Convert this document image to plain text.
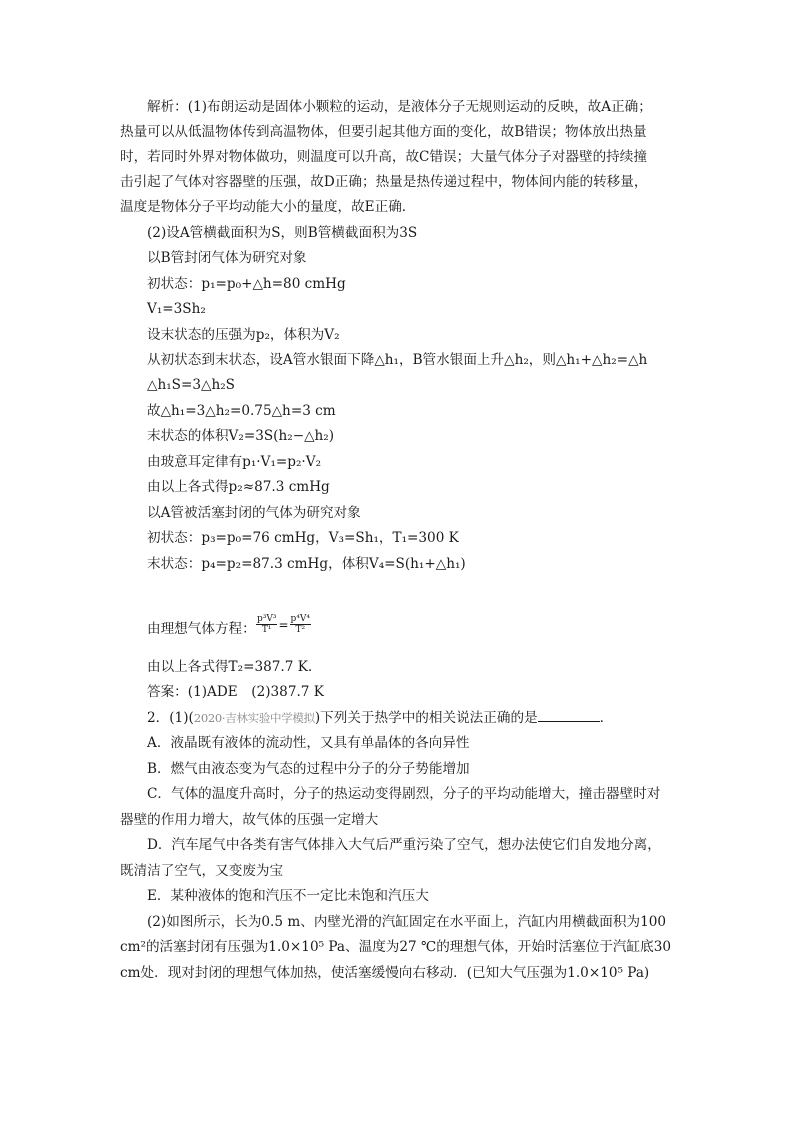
解析：(1)布朗运动是固体小颗粒的运动，是液体分子无规则运动的反映，故A正确；
热量可以从低温物体传到高温物体，但要引起其他方面的变化，故B错误；物体放出热量
时，若同时外界对物体做功，则温度可以升高，故C错误；大量气体分子对器壁的持续撞
击引起了气体对容器壁的压强，故D正确；热量是热传递过程中，物体间内能的转移量，
温度是物体分子平均动能大小的量度，故E正确．
(2)设A管横截面积为S，则B管横截面积为3S
以B管封闭气体为研究对象
初状态：p₁=p₀+△h=80 cmHg
V₁=3Sh₂
设末状态的压强为p₂，体积为V₂
从初状态到末状态，设A管水银面下降△h₁，B管水银面上升△h₂，则△h₁+△h₂=△h
△h₁S=3△h₂S
故△h₁=3△h₂=0.75△h=3 cm
末状态的体积V₂=3S(h₂−△h₂)
由玻意耳定律有p₁·V₁=p₂·V₂
由以上各式得p₂≈87.3 cmHg
以A管被活塞封闭的气体为研究对象
初状态：p₃=p₀=76 cmHg，V₃=Sh₁，T₁=300 K
末状态：p₄=p₂=87.3 cmHg，体积V₄=S(h₁+△h₁)
由理想气体方程： $\frac{\text{p³V³}}{\text{T¹}} = \frac{\text{p⁴V⁴}}{\text{T²}}$
由以上各式得T₂=387.7 K.
答案：(1)ADE　(2)387.7 K
2．(1)(2020·吉林实验中学模拟)下列关于热学中的相关说法正确的是	．
A．液晶既有液体的流动性，又具有单晶体的各向异性
B．燃气由液态变为气态的过程中分子的分子势能增加
C．气体的温度升高时，分子的热运动变得剧烈，分子的平均动能增大，撞击器壁时对
器壁的作用力增大，故气体的压强一定增大
D．汽车尾气中各类有害气体排入大气后严重污染了空气，想办法使它们自发地分离，
既清洁了空气，又变废为宝
E．某种液体的饱和汽压不一定比未饱和汽压大
(2)如图所示，长为0.5 m、内壁光滑的汽缸固定在水平面上，汽缸内用横截面积为100
cm²的活塞封闭有压强为1.0×10⁵ Pa、温度为27 ℃的理想气体，开始时活塞位于汽缸底30
cm处．现对封闭的理想气体加热，使活塞缓慢向右移动．(已知大气压强为1.0×10⁵ Pa)
